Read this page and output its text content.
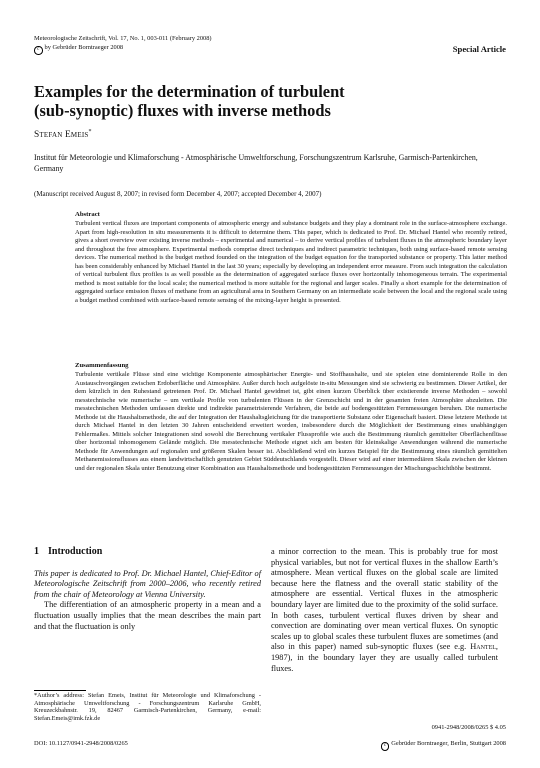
Meteorologische Zeitschrift, Vol. 17, No. 1, 003-011 (February 2008)
c by Gebrüder Borntraeger 2008	Special Article
Examples for the determination of turbulent
(sub-synoptic) fluxes with inverse methods
Stefan Emeis*
Institut für Meteorologie und Klimaforschung - Atmosphärische Umweltforschung, Forschungszentrum Karlsruhe, Garmisch-Partenkirchen, Germany
(Manuscript received August 8, 2007; in revised form December 4, 2007; accepted December 4, 2007)
Abstract
Turbulent vertical fluxes are important components of atmospheric energy and substance budgets and they play a dominant role in the surface-atmosphere exchange. Apart from high-resolution in situ measurements it is difficult to determine them. This paper, which is dedicated to Prof. Dr. Michael Hantel who recently retired, gives a short overview over existing inverse methods – experimental and numerical – to derive vertical profiles of turbulent fluxes in the atmospheric boundary layer and throughout the free atmosphere. Experimental methods comprise direct techniques and indirect parametric techniques, both using surface-based remote sensing devices. The numerical method is the budget method founded on the integration of the budget equation for the transported substance or property. This latter method has been considerably enhanced by Michael Hantel in the last 30 years; especially by developing an independent error measure. From such integration the calculation of vertical turbulent flux profiles is as well possible as the determination of aggregated surface fluxes over horizontally inhomogeneous terrain. The experimental method is most suitable for the local scale; the numerical method is more suitable for the regional and larger scales. Finally a short example for the determination of aggregated surface emission fluxes of methane from an agricultural area in Southern Germany on an intermediate scale between the local and the regional scale using a budget method combined with surface-based remote sensing of the mixing-layer height is presented.
Zusammenfassung
Turbulente vertikale Flüsse sind eine wichtige Komponente atmosphärischer Energie- und Stoffhaushalte, und sie spielen eine dominierende Rolle in den Austauschvorgängen zwischen Erdoberfläche und Atmosphäre. Außer durch hoch aufgelöste in-situ Messungen sind sie schwierig zu bestimmen. Dieser Artikel, der dem kürzlich in den Ruhestand getretenen Prof. Dr. Michael Hantel gewidmet ist, gibt einen kurzen Überblick über existierende inverse Methoden – sowohl messtechnische wie numerische – um vertikale Profile von turbulenten Flüssen in der Grenzschicht und in der gesamten freien Atmosphäre abzuleiten. Die messtechnischen Methoden umfassen direkte und indirekte parametrisierende Verfahren, die beide auf bodengestützten Fernmessungen beruhen. Die numerische Methode ist die Haushaltsmethode, die auf der Integration der Haushaltsgleichung für die transportierte Substanz oder Eigenschaft basiert. Diese letztere Methode ist durch Michael Hantel in den letzten 30 Jahren entscheidend erweitert worden, insbesondere durch die Möglichkeit der Bestimmung eines unabhängigen Fehlermaßes. Mittels solcher Integrationen sind sowohl die Berechnung vertikaler Flussprofile wie auch die Bestimmung räumlich gemittelter Oberflächenflüsse über horizontal inhomogenem Gelände möglich. Die messtechnische Methode eignet sich am besten für kleinskalige Anwendungen während die numerische Methode für Anwendungen auf regionalen und größeren Skalen besser ist. Abschließend wird ein kurzes Beispiel für die Bestimmung eines räumlich gemittelten Methanemissionsflusses aus einem landwirtschaftlich genutzten Gebiet Süddeutschlands vorgestellt. Dieser wird auf einer intermediären Skala zwischen der kleinen und der regionalen Skala unter Benutzung einer Kombination aus Haushaltsmethode und bodengestützten Fernmessungen der Mischungsschichthöhe bestimmt.
1 Introduction

This paper is dedicated to Prof. Dr. Michael Hantel, Chief-Editor of Meteorologische Zeitschrift from 2000–2006, who recently retired from the chair of Meteorology at Vienna University.

The differentiation of an atmospheric property in a mean and a fluctuation usually implies that the mean describes the main part and that the fluctuation is only

a minor correction to the mean. This is probably true for most physical variables, but not for vertical fluxes in the shallow Earth’s atmosphere. Mean vertical fluxes on the global scale are limited because here the flatness and the overall static stability of the atmosphere are essential. Vertical fluxes in the atmospheric boundary layer are limited due to the proximity of the solid surface. In both cases, turbulent vertical fluxes driven by shear and convection are dominating over mean vertical fluxes. On synoptic scales up to global scales these turbulent fluxes are sometimes (and also in this paper) named sub-synoptic fluxes (see e.g. Hantel, 1987), in the boundary layer they are usually called turbulent fluxes.

*Author’s address: Stefan Emeis, Institut für Meteorologie und Klimaforschung - Atmosphärische Umweltforschung - Forschungszentrum Karlsruhe GmbH, Kreuzeckbahnstr. 19, 82467 Garmisch-Partenkirchen, Germany, e-mail: Stefan.Emeis@imk.fzk.de
DOI: 10.1127/0941-2948/2008/0265
0941-2948/2008/0265 $ 4.05
c Gebrüder Borntraeger, Berlin, Stuttgart 2008
